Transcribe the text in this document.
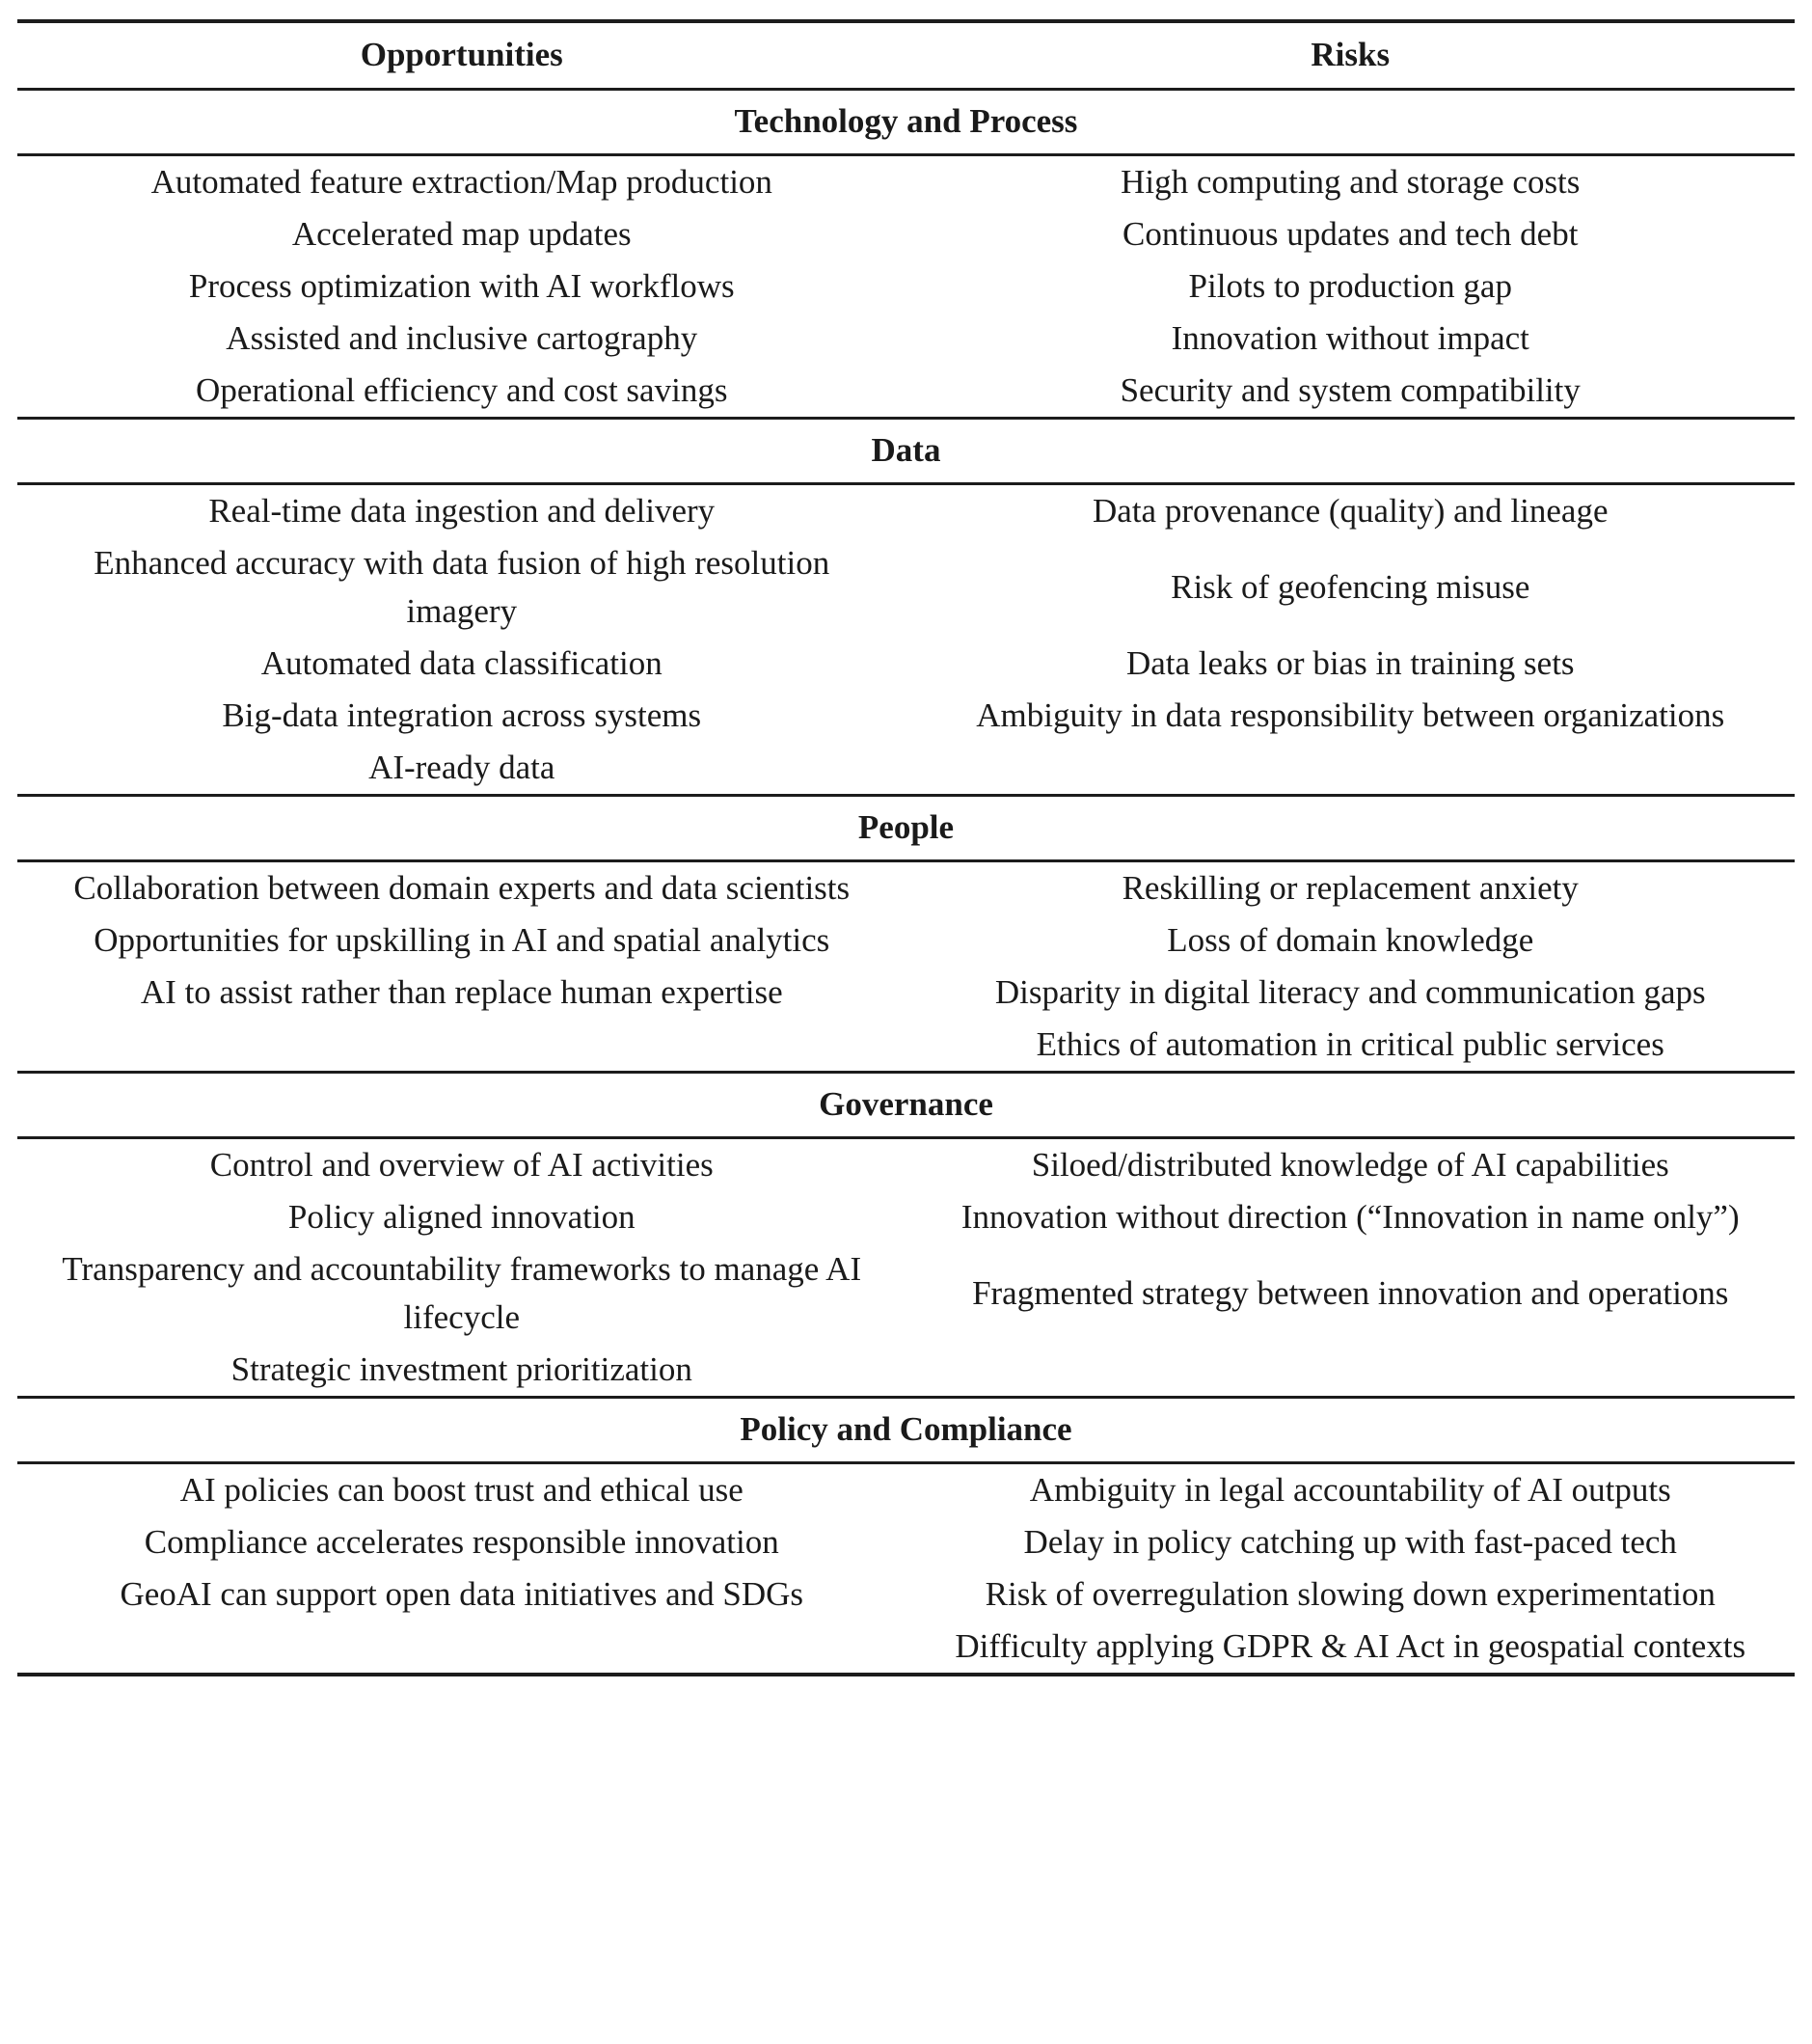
Opportunities	Risks
Technology and Process	
Automated feature extraction/Map production	High computing and storage costs
Accelerated map updates	Continuous updates and tech debt
Process optimization with AI workflows	Pilots to production gap
Assisted and inclusive cartography	Innovation without impact
Operational efficiency and cost savings	Security and system compatibility
Data	
Real-time data ingestion and delivery	Data provenance (quality) and lineage
Enhanced accuracy with data fusion of high resolution imagery	Risk of geofencing misuse
Automated data classification	Data leaks or bias in training sets
Big-data integration across systems	Ambiguity in data responsibility between organizations
AI-ready data	
People	
Collaboration between domain experts and data scientists	Reskilling or replacement anxiety
Opportunities for upskilling in AI and spatial analytics	Loss of domain knowledge
AI to assist rather than replace human expertise	Disparity in digital literacy and communication gaps
	Ethics of automation in critical public services
Governance	
Control and overview of AI activities	Siloed/distributed knowledge of AI capabilities
Policy aligned innovation	Innovation without direction (“Innovation in name only”)
Transparency and accountability frameworks to manage AI lifecycle	Fragmented strategy between innovation and operations
Strategic investment prioritization	
Policy and Compliance	
AI policies can boost trust and ethical use	Ambiguity in legal accountability of AI outputs
Compliance accelerates responsible innovation	Delay in policy catching up with fast-paced tech
GeoAI can support open data initiatives and SDGs	Risk of overregulation slowing down experimentation
	Difficulty applying GDPR & AI Act in geospatial contexts
